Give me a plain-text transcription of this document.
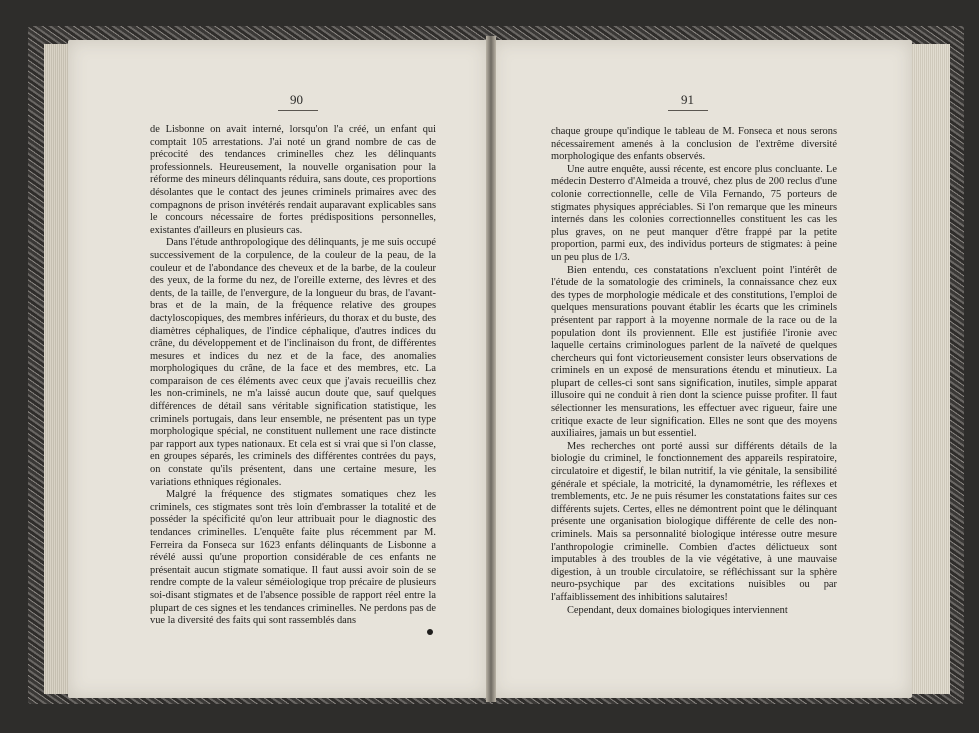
90	91

de Lisbonne on avait interné, lorsqu'on l'a créé, un enfant qui comptait 105 arrestations. J'ai noté un grand nombre de cas de précocité des tendances criminelles chez les délinquants professionnels. Heureusement, la nouvelle organisation pour la réforme des mineurs délinquants réduira, sans doute, ces proportions désolantes que le contact des jeunes criminels primaires avec des compagnons de prison invétérés rendait auparavant explicables sans le concours nécessaire de fortes prédispositions personnelles, existantes d'ailleurs en plusieurs cas.

Dans l'étude anthropologique des délinquants, je me suis occupé successivement de la corpulence, de la couleur de la peau, de la couleur et de l'abondance des cheveux et de la barbe, de la couleur des yeux, de la forme du nez, de l'oreille externe, des lèvres et des dents, de la taille, de l'envergure, de la longueur du bras, de l'avant-bras et de la main, de la fréquence relative des groupes dactyloscopiques, des membres inférieurs, du thorax et du buste, des diamètres céphaliques, de l'indice céphalique, d'autres indices du crâne, du développement et de l'inclinaison du front, de différentes mesures et indices du nez et de la face, des anomalies morphologiques du crâne, de la face et des membres, etc. La comparaison de ces éléments avec ceux que j'avais recueillis chez les non-criminels, ne m'a laissé aucun doute que, sauf quelques différences de détail sans véritable signification statistique, les criminels portugais, dans leur ensemble, ne présentent pas un type morphologique spécial, ne constituent nullement une race distincte par rapport aux types nationaux. Et cela est si vrai que si l'on classe, en groupes séparés, les criminels des différentes contrées du pays, on constate qu'ils présentent, dans une certaine mesure, les variations ethniques régionales.

Malgré la fréquence des stigmates somatiques chez les criminels, ces stigmates sont très loin d'embrasser la totalité et de posséder la spécificité qu'on leur attribuait pour le diagnostic des tendances criminelles. L'enquête faite plus récemment par M. Ferreira da Fonseca sur 1623 enfants délinquants de Lisbonne a révélé aussi qu'une proportion considérable de ces enfants ne présentait aucun stigmate somatique. Il faut aussi avoir soin de se rendre compte de la valeur séméiologique trop précaire de plusieurs soi-disant stigmates et de l'absence possible de rapport réel entre la plupart de ces signes et les tendances criminelles. Ne perdons pas de vue la diversité des faits qui sont rassemblés dans

chaque groupe qu'indique le tableau de M. Fonseca et nous serons nécessairement amenés à la conclusion de l'extrême diversité morphologique des enfants observés.

Une autre enquête, aussi récente, est encore plus concluante. Le médecin Desterro d'Almeida a trouvé, chez plus de 200 reclus d'une colonie correctionnelle, celle de Vila Fernando, 75 porteurs de stigmates physiques appréciables. Si l'on remarque que les mineurs internés dans les colonies correctionnelles constituent les cas les plus graves, on ne peut manquer d'être frappé par la petite proportion, parmi eux, des individus porteurs de stigmates: à peine un peu plus de 1/3.

Bien entendu, ces constatations n'excluent point l'intérêt de l'étude de la somatologie des criminels, la connaissance chez eux des types de morphologie médicale et des constitutions, l'emploi de quelques mensurations pouvant établir les écarts que les criminels présentent par rapport à la moyenne normale de la race ou de la population dont ils proviennent. Elle est justifiée l'ironie avec laquelle certains criminologues parlent de la naïveté de quelques chercheurs qui font victorieusement consister leurs observations de criminels en un exposé de mensurations étendu et minutieux. La plupart de celles-ci sont sans signification, inutiles, simple apparat illusoire qui ne conduit à rien dont la science puisse profiter. Il faut sélectionner les mensurations, les effectuer avec rigueur, faire une critique exacte de leur signification. Elles ne sont que des moyens auxiliaires, jamais un but essentiel.

Mes recherches ont porté aussi sur différents détails de la biologie du criminel, le fonctionnement des appareils respiratoire, circulatoire et digestif, le bilan nutritif, la vie génitale, la sensibilité générale et spéciale, la motricité, la dynamométrie, les réflexes et tremblements, etc. Je ne puis résumer les constatations faites sur ces différents sujets. Certes, elles ne démontrent point que le délinquant présente une organisation biologique différente de celle des non-criminels. Mais sa personnalité biologique intéresse outre mesure l'anthropologie criminelle. Combien d'actes délictueux sont imputables à des troubles de la vie végétative, à une mauvaise digestion, à un trouble circulatoire, se réfléchissant sur la sphère neuro-psychique par des excitations nuisibles ou par l'affaiblissement des inhibitions salutaires!

Cependant, deux domaines biologiques interviennent
